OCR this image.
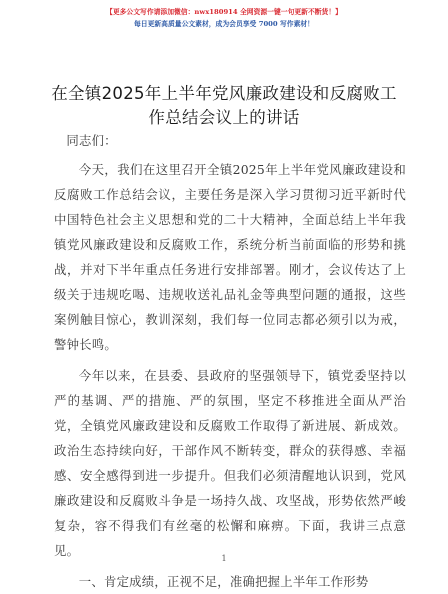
【更多公文写作请添加微信：nwx180914 全网资源一键一句更新不断货！】
每日更新高质量公文素材，成为会员享受 7000 写作素材！
在全镇2025年上半年党风廉政建设和反腐败工
作总结会议上的讲话

同志们：

今天，我们在这里召开全镇2025年上半年党风廉政建设和反腐败工作总结会议，主要任务是深入学习贯彻习近平新时代中国特色社会主义思想和党的二十大精神，全面总结上半年我镇党风廉政建设和反腐败工作，系统分析当前面临的形势和挑战，并对下半年重点任务进行安排部署。刚才，会议传达了上级关于违规吃喝、违规收送礼品礼金等典型问题的通报，这些案例触目惊心，教训深刻，我们每一位同志都必须引以为戒，警钟长鸣。

今年以来，在县委、县政府的坚强领导下，镇党委坚持以严的基调、严的措施、严的氛围，坚定不移推进全面从严治党，全镇党风廉政建设和反腐败工作取得了新进展、新成效。政治生态持续向好，干部作风不断转变，群众的获得感、幸福感、安全感得到进一步提升。但我们必须清醒地认识到，党风廉政建设和反腐败斗争是一场持久战、攻坚战，形势依然严峻复杂，容不得我们有丝毫的松懈和麻痹。下面，我讲三点意见。

一、肯定成绩，正视不足，准确把握上半年工作形势

1
